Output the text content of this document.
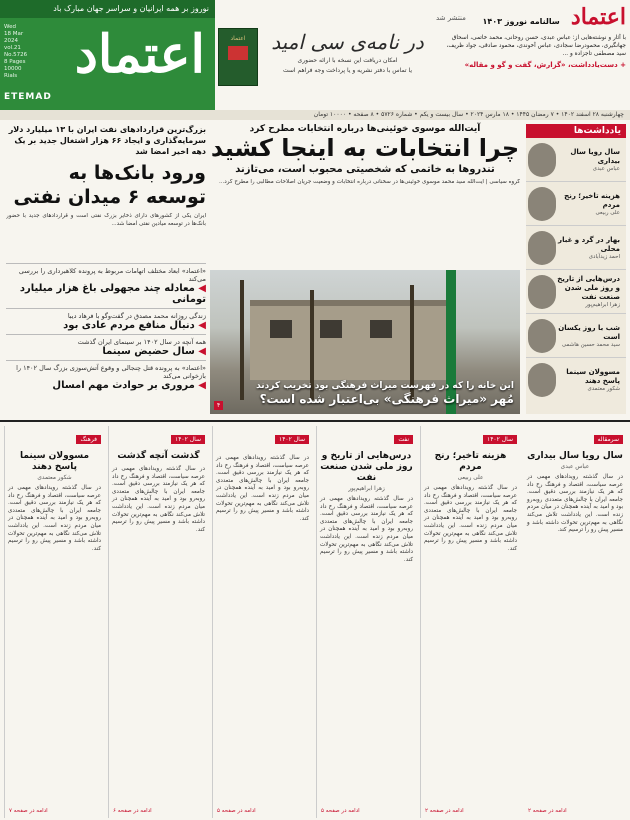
نوروز بر همه ایرانیان و سراسر جهان مبارک باد
Wed
18 Mar 2024
vol.21
No.5726
8 Pages
10000 Rials	اعتماد
ETEMAD
اعتماد	در نامه‌ی سی امید
امکان دریافت این نسخه با ارائه حضوری
یا تماس با دفتر نشریه و یا پرداخت وجه فراهم است
اعتماد سالنامه نوروز ۱۴۰۳
منتشر شد
با آثار و نوشته‌هایی از: عباس عبدی، حسن روحانی، محمد خاتمی، اسحاق جهانگیری، محمودرضا سجادی، عباس آخوندی، محمود صادقی، جواد ظریف، سید مصطفی تاجزاده و ...
+ دست‌یادداشت، «گزارش، گفت و گو و مقاله»
چهارشنبه ۲۸ اسفند ۱۴۰۲ • ۷ رمضان ۱۴۴۵ • ۱۸ مارس ۲۰۲۴ • سال بیست و یکم • شماره ۵۷۲۶ • ۸ صفحه • ۱۰۰۰۰ تومان
بزرگ‌ترین قراردادهای نفت ایران با ۱۳ میلیارد دلار سرمایه‌گذاری و ایجاد ۶۶ هزار اشتغال جدید بر یک دهه اخیر امضا شد
ورود بانک‌ها به توسعه ۶ میدان نفتی
ایران یکی از کشورهای دارای ذخایر بزرگ نفتی است و قراردادهای جدید با حضور بانک‌ها در توسعه میادین نفتی امضا شد...
«اعتماد» ابعاد مختلف اتهامات مربوط به پرونده کلاهبرداری را بررسی می‌کند
◀ معادله چند مجهولی باغ هزار میلیارد تومانی
زندگی روزانه محمد مصدق در گفت‌وگو با فرهاد دیبا
◀ دنبال منافع مردم عادی بود
همه آنچه در سال ۱۴۰۲ بر سینمای ایران گذشت
◀ سال حضیض سینما
«اعتماد» به پرونده قتل چنجالی و وقوع آتش‌سوزی بزرگ سال ۱۴۰۲ را بازخوانی می‌کند
◀ مروری بر حوادث مهم امسال
آیت‌الله موسوی خوئینی‌ها درباره انتخابات مطرح کرد
چرا انتخابات به اینجا کشید
تندروها به خاتمی که شخصیتی محبوب است، می‌تازند
گروه سیاسی | آیت‌الله سید محمد موسوی خوئینی‌ها در سخنانی درباره انتخابات و وضعیت جریان اصلاحات مطالبی را مطرح کرد...
این خانه را که در فهرست میراث فرهنگی بود تخریب کردند
مُهر «میراث فرهنگی» بی‌اعتبار شده است؟
۴
یادداشت‌ها
سال رویا سال بیداری
عباس عبدی
هزینه تاخیر؛ رنج مردم
علی ربیعی
بهار در گرد و غبار محلی
احمد زیدآبادی
درس‌هایی از تاریخ و روز ملی شدن صنعت نفت
زهرا ابراهیم‌پور
شب با روز یکسان است
سید محمد حسین هاشمی
مسوولان سینما پاسخ دهند
شکور معتمدی
فرهنگ
مسوولان سینما پاسخ دهند
شکور معتمدی
در سال گذشته رویدادهای مهمی در عرصه سیاست، اقتصاد و فرهنگ رخ داد که هر یک نیازمند بررسی دقیق است. جامعه ایران با چالش‌های متعددی روبه‌رو بود و امید به آینده همچنان در میان مردم زنده است. این یادداشت تلاش می‌کند نگاهی به مهم‌ترین تحولات داشته باشد و مسیر پیش رو را ترسیم کند.
ادامه در صفحه ۷
سال ۱۴۰۲
گذشت آنچه گذشت
در سال گذشته رویدادهای مهمی در عرصه سیاست، اقتصاد و فرهنگ رخ داد که هر یک نیازمند بررسی دقیق است. جامعه ایران با چالش‌های متعددی روبه‌رو بود و امید به آینده همچنان در میان مردم زنده است. این یادداشت تلاش می‌کند نگاهی به مهم‌ترین تحولات داشته باشد و مسیر پیش رو را ترسیم کند.
ادامه در صفحه ۶
سال ۱۴۰۲
در سال گذشته رویدادهای مهمی در عرصه سیاست، اقتصاد و فرهنگ رخ داد که هر یک نیازمند بررسی دقیق است. جامعه ایران با چالش‌های متعددی روبه‌رو بود و امید به آینده همچنان در میان مردم زنده است. این یادداشت تلاش می‌کند نگاهی به مهم‌ترین تحولات داشته باشد و مسیر پیش رو را ترسیم کند.
ادامه در صفحه ۵
نفت
درس‌هایی از تاریخ و روز ملی شدن صنعت نفت
زهرا ابراهیم‌پور
در سال گذشته رویدادهای مهمی در عرصه سیاست، اقتصاد و فرهنگ رخ داد که هر یک نیازمند بررسی دقیق است. جامعه ایران با چالش‌های متعددی روبه‌رو بود و امید به آینده همچنان در میان مردم زنده است. این یادداشت تلاش می‌کند نگاهی به مهم‌ترین تحولات داشته باشد و مسیر پیش رو را ترسیم کند.
ادامه در صفحه ۵
سال ۱۴۰۲
هزینه تاخیر؛ رنج مردم
علی ربیعی
در سال گذشته رویدادهای مهمی در عرصه سیاست، اقتصاد و فرهنگ رخ داد که هر یک نیازمند بررسی دقیق است. جامعه ایران با چالش‌های متعددی روبه‌رو بود و امید به آینده همچنان در میان مردم زنده است. این یادداشت تلاش می‌کند نگاهی به مهم‌ترین تحولات داشته باشد و مسیر پیش رو را ترسیم کند.
ادامه در صفحه ۲
سرمقاله
سال رویا سال بیداری
عباس عبدی
در سال گذشته رویدادهای مهمی در عرصه سیاست، اقتصاد و فرهنگ رخ داد که هر یک نیازمند بررسی دقیق است. جامعه ایران با چالش‌های متعددی روبه‌رو بود و امید به آینده همچنان در میان مردم زنده است. این یادداشت تلاش می‌کند نگاهی به مهم‌ترین تحولات داشته باشد و مسیر پیش رو را ترسیم کند.
ادامه در صفحه ۲
